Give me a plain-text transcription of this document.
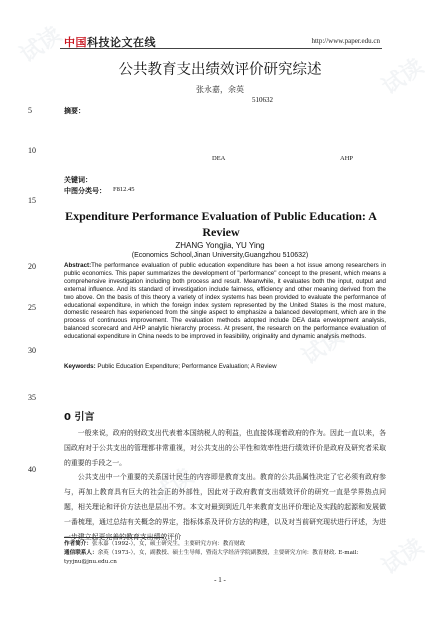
试读
试读
试读
试读
试读
中国科技论文在线	http://www.paper.edu.cn
公共教育支出绩效评价研究综述
张永嘉，余英
510632
5
10
15
20
25
30
35
40
摘要：
DEA	AHP
关键词：
中图分类号： F812.45
Expenditure Performance Evaluation of Public Education: A Review
ZHANG Yongjia, YU Ying
(Economics School,Jinan University,Guangzhou 510632)
Abstract:The performance evaluation of public education expenditure has been a hot issue among researchers in public economics. This paper summarizes the development of "performance" concept to the present, which means a comprehensive investigation including both process and result. Meanwhile, it evaluates both the input, output and external influence. And its standard of investigation include fairness, efficiency and other meaning derived from the two above. On the basis of this theory a variety of index systems has been provided to evaluate the performance of educational expenditure, in which the foreign index system represented by the United States is the most mature, domestic research has experienced from the single aspect to emphasize a balanced development, which are in the process of continuous improvement. The evaluation methods adopted include DEA data envelopment analysis, balanced scorecard and AHP analytic hierarchy process. At present, the research on the performance evaluation of educational expenditure in China needs to be improved in feasibility, originality and dynamic analysis methods.
Keywords: Public Education Expenditure; Performance Evaluation; A Review
0 引言
一般来说，政府的财政支出代表着本国纳税人的利益，也直接体现着政府的作为。因此一直以来，各国政府对于公共支出的管理都非常重视，对公共支出的公平性和效率性进行绩效评价是政府及研究者采取的重要的手段之一。
公共支出中一个重要的关系国计民生的内容即是教育支出。教育的公共品属性决定了它必须有政府参与，再加上教育具有巨大的社会正的外部性，因此对于政府教育支出绩效评价的研究一直是学界热点问题，相关理论和评价方法也是层出不穷。本文对最到到近几年来教育支出评价理论及实践的起源和发展做一番梳理，通过总结有关概念的界定，指标体系及评价方法的构建，以及对当前研究现状进行评述，为进一步建立起更完善的教育支出绩效评价
作者简介：张永嘉（1992-），女，硕士研究生，主要研究方向：教育财政
通信联系人：余英（1973-），女，副教授、硕士生导师，暨南大学经济学院副教授，主要研究方向：教育财政. E-mail: tyyjnu@jnu.edu.cn
- 1 -
